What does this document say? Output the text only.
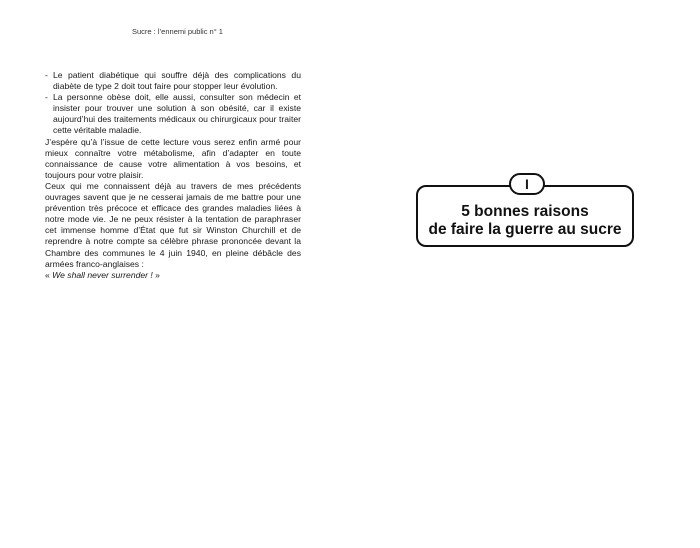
Sucre : l’ennemi public n° 1
- Le patient diabétique qui souffre déjà des complications du diabète de type 2 doit tout faire pour stopper leur évolution.
- La personne obèse doit, elle aussi, consulter son médecin et insister pour trouver une solution à son obésité, car il existe aujourd’hui des traitements médicaux ou chirurgicaux pour traiter cette véritable maladie.

J’espère qu’à l’issue de cette lecture vous serez enfin armé pour mieux connaître votre métabolisme, afin d’adapter en toute connaissance de cause votre alimentation à vos besoins, et toujours pour votre plaisir.

Ceux qui me connaissent déjà au travers de mes précédents ouvrages savent que je ne cesserai jamais de me battre pour une prévention très précoce et efficace des grandes maladies liées à notre mode vie. Je ne peux résister à la tentation de paraphraser cet immense homme d’État que fut sir Winston Churchill et de reprendre à notre compte sa célèbre phrase prononcée devant la Chambre des communes le 4 juin 1940, en pleine débâcle des armées franco-anglaises :

« We shall never surrender ! »

I
5 bonnes raisons
de faire la guerre au sucre
